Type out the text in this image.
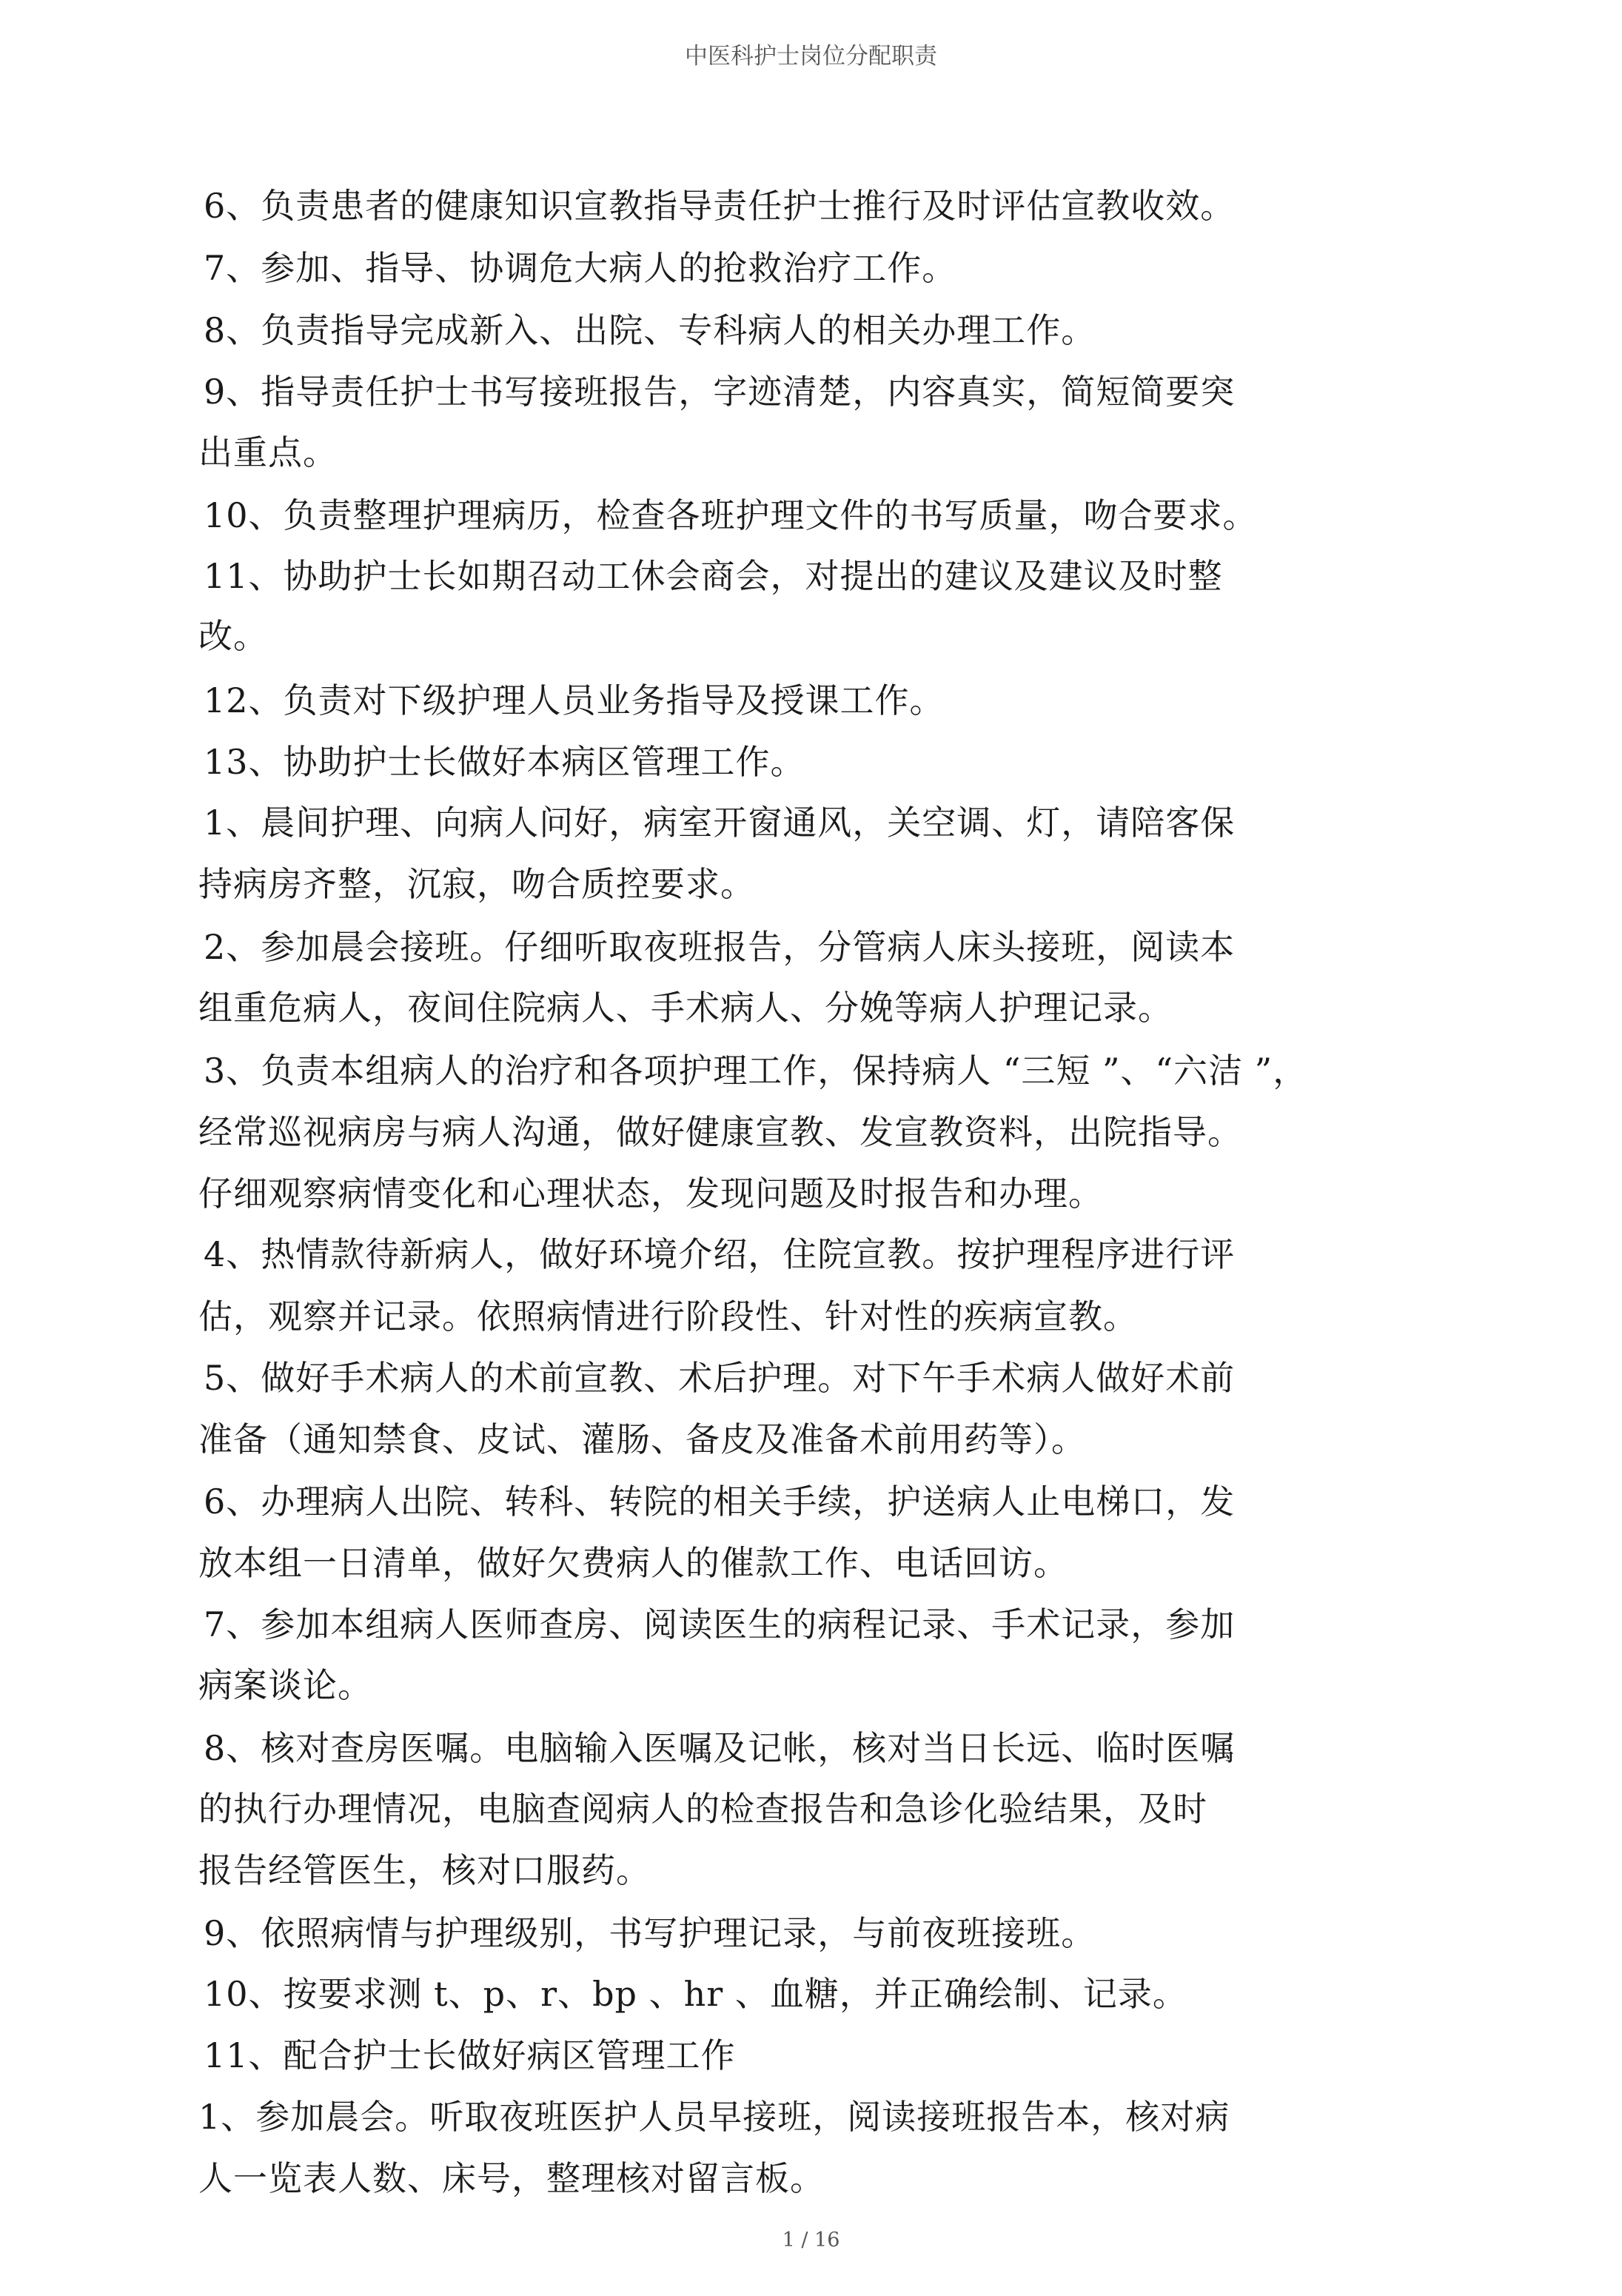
中医科护士岗位分配职责
6、负责患者的健康知识宣教指导责任护士推行及时评估宣教收效。
7、参加、指导、协调危大病人的抢救治疗工作。
8、负责指导完成新入、出院、专科病人的相关办理工作。
9、指导责任护士书写接班报告，字迹清楚，内容真实，简短简要突
出重点。
10、负责整理护理病历，检查各班护理文件的书写质量，吻合要求。
11、协助护士长如期召动工休会商会，对提出的建议及建议及时整
改。
12、负责对下级护理人员业务指导及授课工作。
13、协助护士长做好本病区管理工作。
1、晨间护理、向病人问好，病室开窗通风，关空调、灯，请陪客保
持病房齐整，沉寂，吻合质控要求。
2、参加晨会接班。仔细听取夜班报告，分管病人床头接班，阅读本
组重危病人，夜间住院病人、手术病人、分娩等病人护理记录。
3、负责本组病人的治疗和各项护理工作，保持病人 “三短 ”、“六洁 ”，
经常巡视病房与病人沟通，做好健康宣教、发宣教资料，出院指导。
仔细观察病情变化和心理状态，发现问题及时报告和办理。
4、热情款待新病人，做好环境介绍，住院宣教。按护理程序进行评
估，观察并记录。依照病情进行阶段性、针对性的疾病宣教。
5、做好手术病人的术前宣教、术后护理。对下午手术病人做好术前
准备（通知禁食、皮试、灌肠、备皮及准备术前用药等）。
6、办理病人出院、转科、转院的相关手续，护送病人止电梯口，发
放本组一日清单，做好欠费病人的催款工作、电话回访。
7、参加本组病人医师查房、阅读医生的病程记录、手术记录，参加
病案谈论。
8、核对查房医嘱。电脑输入医嘱及记帐，核对当日长远、临时医嘱
的执行办理情况，电脑查阅病人的检查报告和急诊化验结果，及时
报告经管医生，核对口服药。
9、依照病情与护理级别，书写护理记录，与前夜班接班。
10、按要求测 t、p、r、bp 、hr 、血糖，并正确绘制、记录。
11、配合护士长做好病区管理工作
1、参加晨会。听取夜班医护人员早接班，阅读接班报告本，核对病
人一览表人数、床号，整理核对留言板。
1 / 16
